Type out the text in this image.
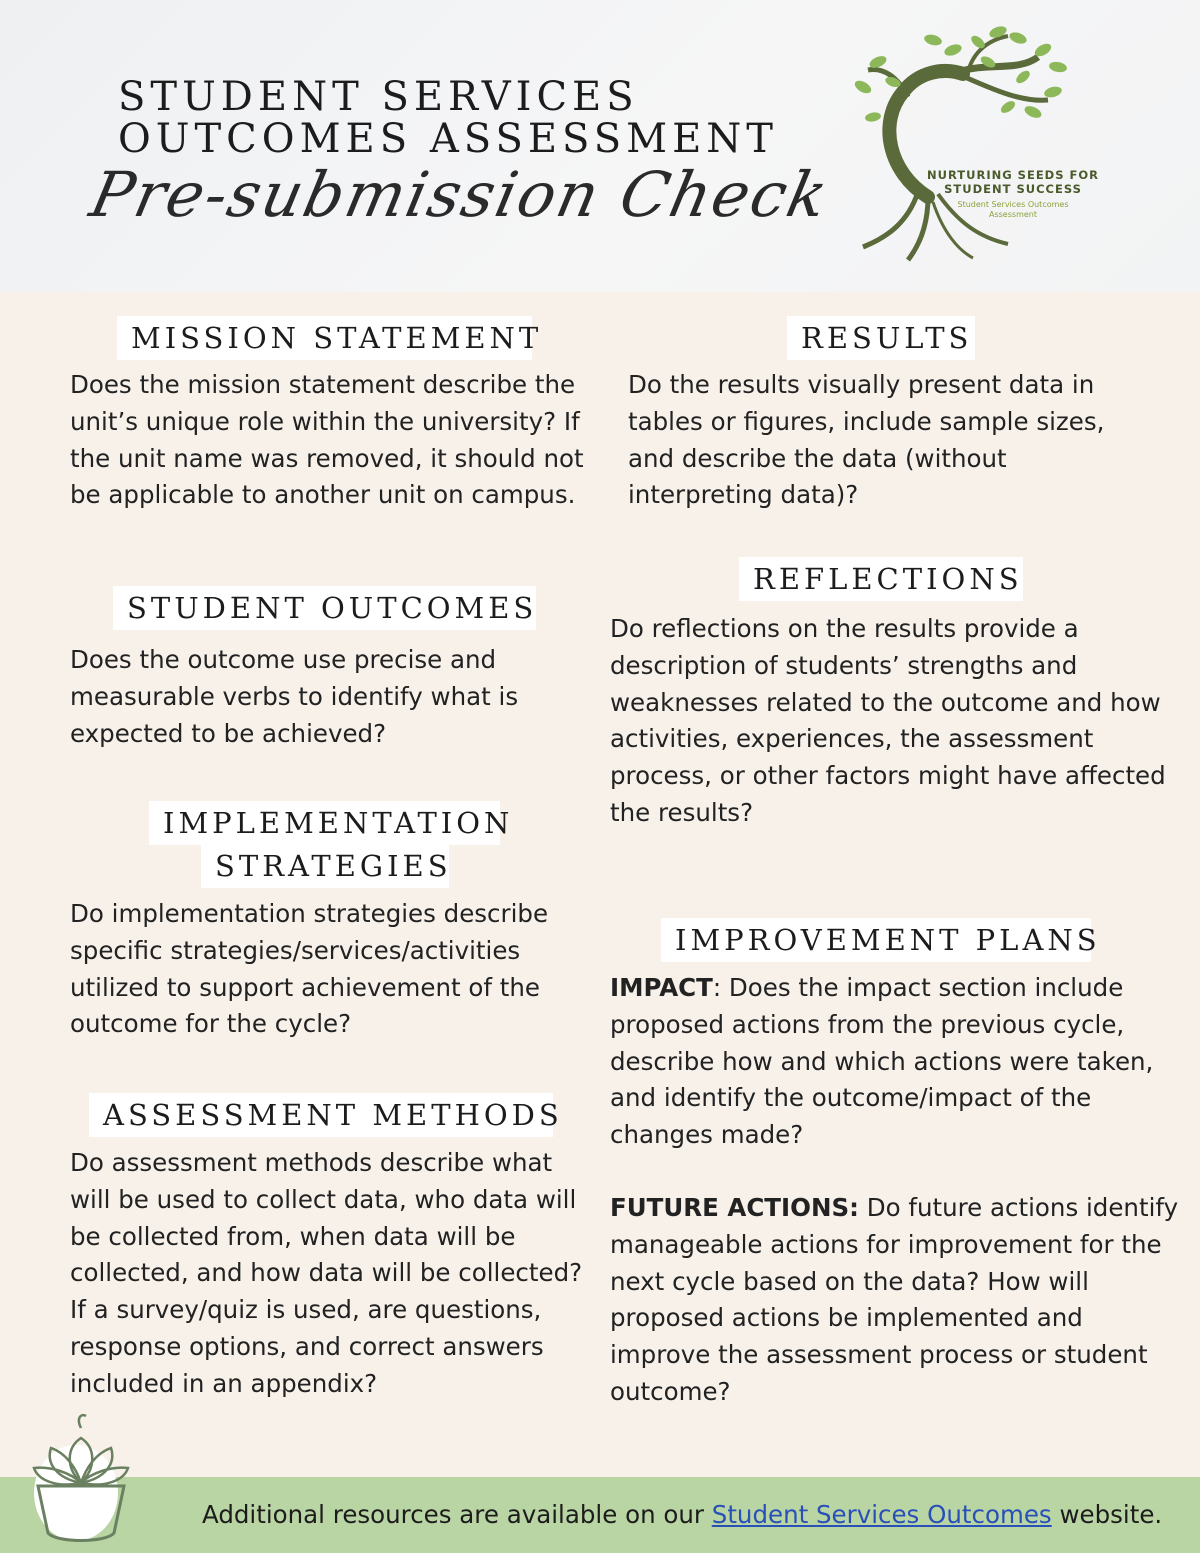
STUDENT SERVICES
OUTCOMES ASSESSMENT
Pre-submission Check	NURTURING SEEDS FOR
STUDENT SUCCESS
Student Services Outcomes
Assessment
MISSION STATEMENT
Does the mission statement describe the unit’s unique role within the university? If the unit name was removed, it should not be applicable to another unit on campus.
STUDENT OUTCOMES
Does the outcome use precise and measurable verbs to identify what is expected to be achieved?
IMPLEMENTATION
STRATEGIES
Do implementation strategies describe specific strategies/services/activities utilized to support achievement of the outcome for the cycle?
ASSESSMENT METHODS
Do assessment methods describe what will be used to collect data, who data will be collected from, when data will be collected, and how data will be collected? If a survey/quiz is used, are questions, response options, and correct answers included in an appendix?
RESULTS
Do the results visually present data in tables or figures, include sample sizes, and describe the data (without interpreting data)?
REFLECTIONS
Do reflections on the results provide a description of students’ strengths and weaknesses related to the outcome and how activities, experiences, the assessment process, or other factors might have affected the results?
IMPROVEMENT PLANS
IMPACT: Does the impact section include proposed actions from the previous cycle, describe how and which actions were taken, and identify the outcome/impact of the changes made?
FUTURE ACTIONS: Do future actions identify manageable actions for improvement for the next cycle based on the data? How will proposed actions be implemented and improve the assessment process or student outcome?
Additional resources are available on our Student Services Outcomes website.
